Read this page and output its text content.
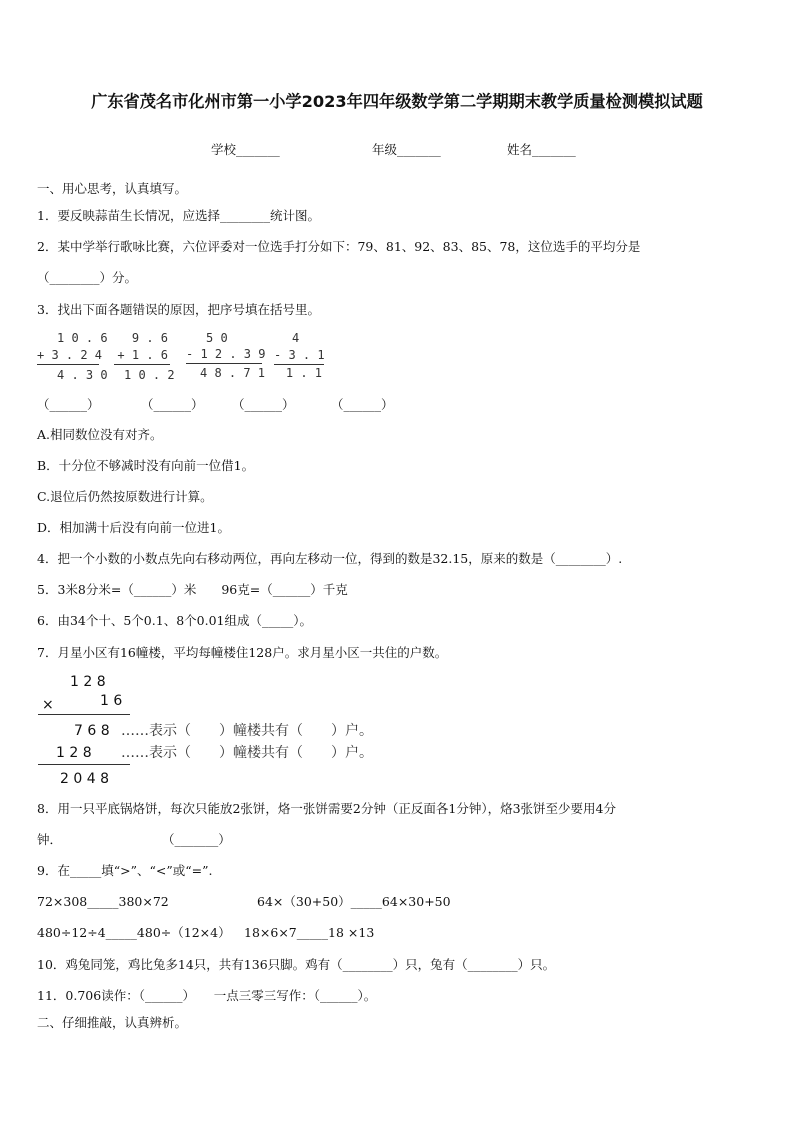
广东省茂名市化州市第一小学2023年四年级数学第二学期期末教学质量检测模拟试题
学校_______	年级_______	姓名_______
一、用心思考，认真填写。
1．要反映蒜苗生长情况，应选择________统计图。
2．某中学举行歌咏比赛，六位评委对一位选手打分如下：79、81、92、83、85、78，这位选手的平均分是
（________）分。
3．找出下面各题错误的原因，把序号填在括号里。
1 0 . 6
+ 3 . 2 4
4 . 3 0
9 . 6
+ 1 . 6
1 0 . 2
5 0
- 1 2 . 3 9
4 8 . 7 1
4
- 3 . 1
1 . 1
（______）	（______） （______）	（______）
A.相同数位没有对齐。
B．十分位不够减时没有向前一位借1。
C.退位后仍然按原数进行计算。
D．相加满十后没有向前一位进1。
4．把一个小数的小数点先向右移动两位，再向左移动一位，得到的数是32.15，原来的数是（________）.
5．3米8分米=（______）米　　96克=（______）千克
6．由34个十、5个0.1、8个0.01组成（_____）。
7．月星小区有16幢楼，平均每幢楼住128户。求月星小区一共住的户数。
1 2 8
×	1 6
7 6 8 ……表示（　　）幢楼共有（　　）户。
1 2 8 ……表示（　　）幢楼共有（　　）户。
2 0 4 8
8．用一只平底锅烙饼，每次只能放2张饼，烙一张饼需要2分钟（正反面各1分钟），烙3张饼至少要用4分
钟．　　　　　　　　　（_______）
9．在_____填“>”、“<”或“=”.
72×308_____380×72	64×（30+50）_____64×30+50
480÷12÷4_____480÷（12×4） 18×6×7_____18 ×13
10．鸡兔同笼，鸡比兔多14只，共有136只脚。鸡有（________）只，兔有（________）只。
11．0.706读作：（______）　　一点三零三写作：（______）。
二、仔细推敲，认真辨析。
